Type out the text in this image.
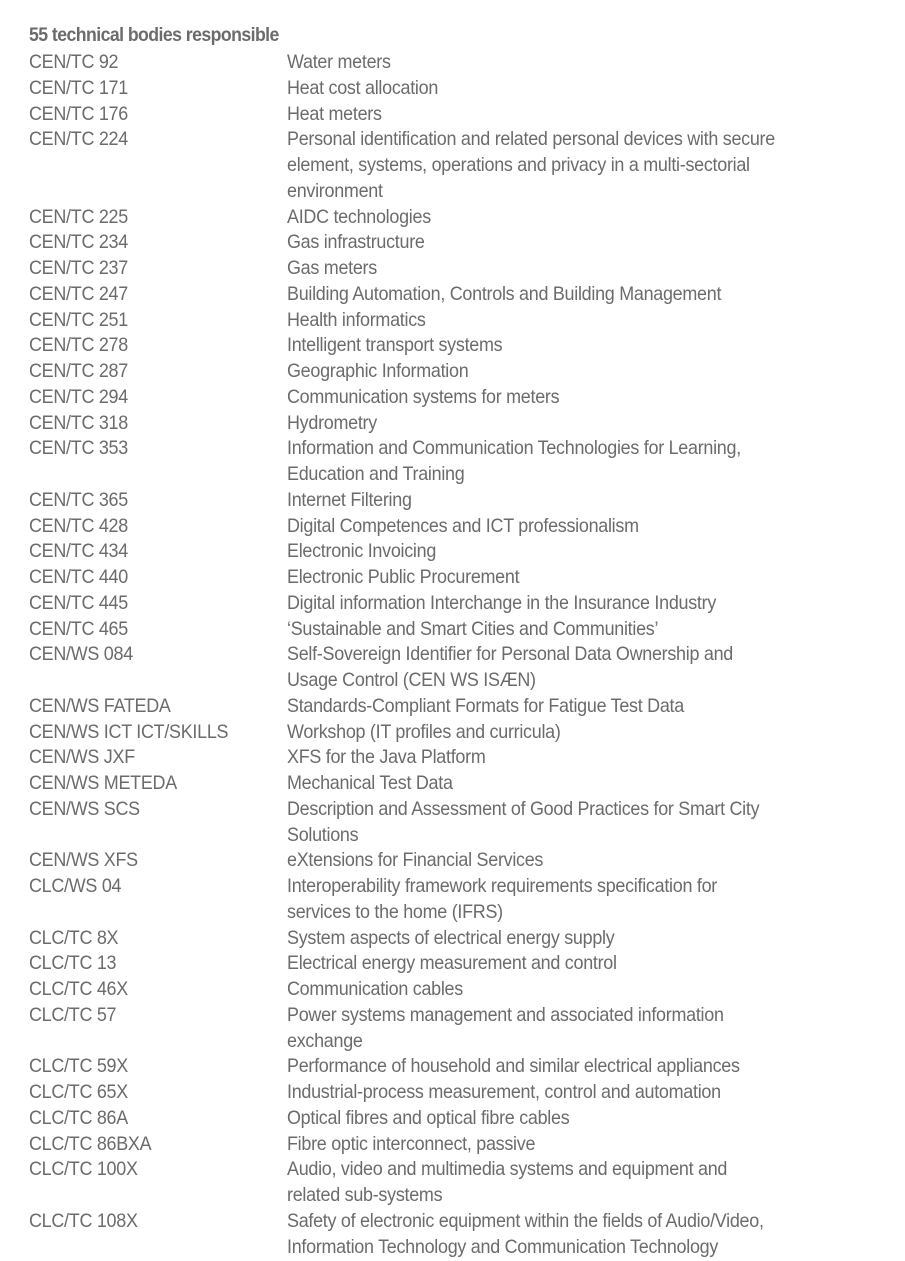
55 technical bodies responsible
CEN/TC 92	Water meters
CEN/TC 171	Heat cost allocation
CEN/TC 176	Heat meters
CEN/TC 224	Personal identification and related personal devices with secure
element, systems, operations and privacy in a multi-sectorial
environment
CEN/TC 225	AIDC technologies
CEN/TC 234	Gas infrastructure
CEN/TC 237	Gas meters
CEN/TC 247	Building Automation, Controls and Building Management
CEN/TC 251	Health informatics
CEN/TC 278	Intelligent transport systems
CEN/TC 287	Geographic Information
CEN/TC 294	Communication systems for meters
CEN/TC 318	Hydrometry
CEN/TC 353	Information and Communication Technologies for Learning,
Education and Training
CEN/TC 365	Internet Filtering
CEN/TC 428	Digital Competences and ICT professionalism
CEN/TC 434	Electronic Invoicing
CEN/TC 440	Electronic Public Procurement
CEN/TC 445	Digital information Interchange in the Insurance Industry
CEN/TC 465	‘Sustainable and Smart Cities and Communities’
CEN/WS 084	Self-Sovereign Identifier for Personal Data Ownership and
Usage Control (CEN WS ISÆN)
CEN/WS FATEDA	Standards-Compliant Formats for Fatigue Test Data
CEN/WS ICT ICT/SKILLS	Workshop (IT profiles and curricula)
CEN/WS JXF	XFS for the Java Platform
CEN/WS METEDA	Mechanical Test Data
CEN/WS SCS	Description and Assessment of Good Practices for Smart City
Solutions
CEN/WS XFS	eXtensions for Financial Services
CLC/WS 04	Interoperability framework requirements specification for
services to the home (IFRS)
CLC/TC 8X	System aspects of electrical energy supply
CLC/TC 13	Electrical energy measurement and control
CLC/TC 46X	Communication cables
CLC/TC 57	Power systems management and associated information
exchange
CLC/TC 59X	Performance of household and similar electrical appliances
CLC/TC 65X	Industrial-process measurement, control and automation
CLC/TC 86A	Optical fibres and optical fibre cables
CLC/TC 86BXA	Fibre optic interconnect, passive
CLC/TC 100X	Audio, video and multimedia systems and equipment and
related sub-systems
CLC/TC 108X	Safety of electronic equipment within the fields of Audio/Video,
Information Technology and Communication Technology
